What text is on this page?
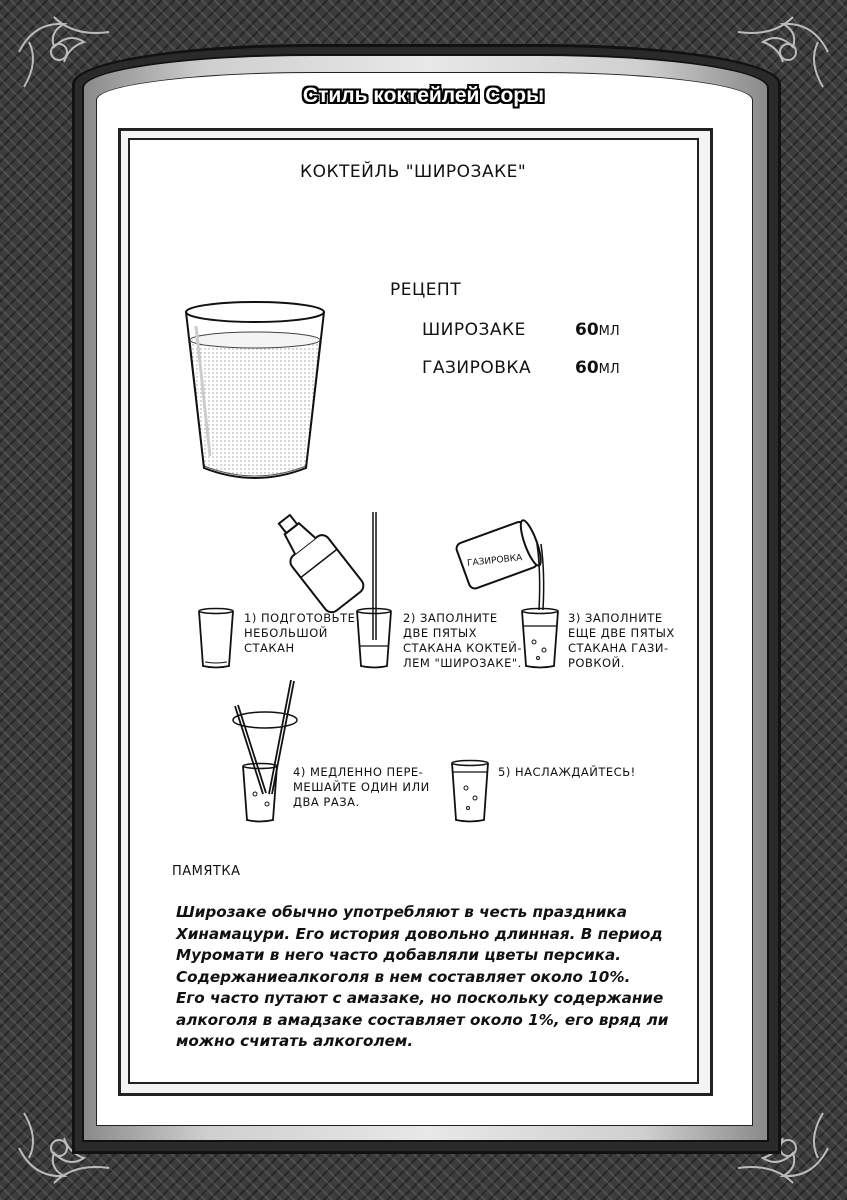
Стиль коктейлей Соры
КОКТЕЙЛЬ "ШИРОЗАКЕ"
РЕЦЕПТ
ШИРОЗАКЕ	60МЛ
ГАЗИРОВКА	60МЛ
ГАЗИРОВКА
1) ПОДГОТОВЬТЕ
НЕБОЛЬШОЙ
СТАКАН
2) ЗАПОЛНИТЕ
ДВЕ ПЯТЫХ
СТАКАНА КОКТЕЙ-
ЛЕМ "ШИРОЗАКЕ".
3) ЗАПОЛНИТЕ
ЕЩЕ ДВЕ ПЯТЫХ
СТАКАНА ГАЗИ-
РОВКОЙ.
4) МЕДЛЕННО ПЕРЕ-
МЕШАЙТЕ ОДИН ИЛИ
ДВА РАЗА.
5) НАСЛАЖДАЙТЕСЬ!
ПАМЯТКА
Широзаке обычно употребляют в честь праздника
Хинамацури. Его история довольно длинная. В период
Муромати в него часто добавляли цветы персика.
Содержаниеалкоголя в нем составляет около 10%.
Его часто путают с амазаке, но поскольку содержание
алкоголя в амадзаке составляет около 1%, его вряд ли
можно считать алкоголем.
